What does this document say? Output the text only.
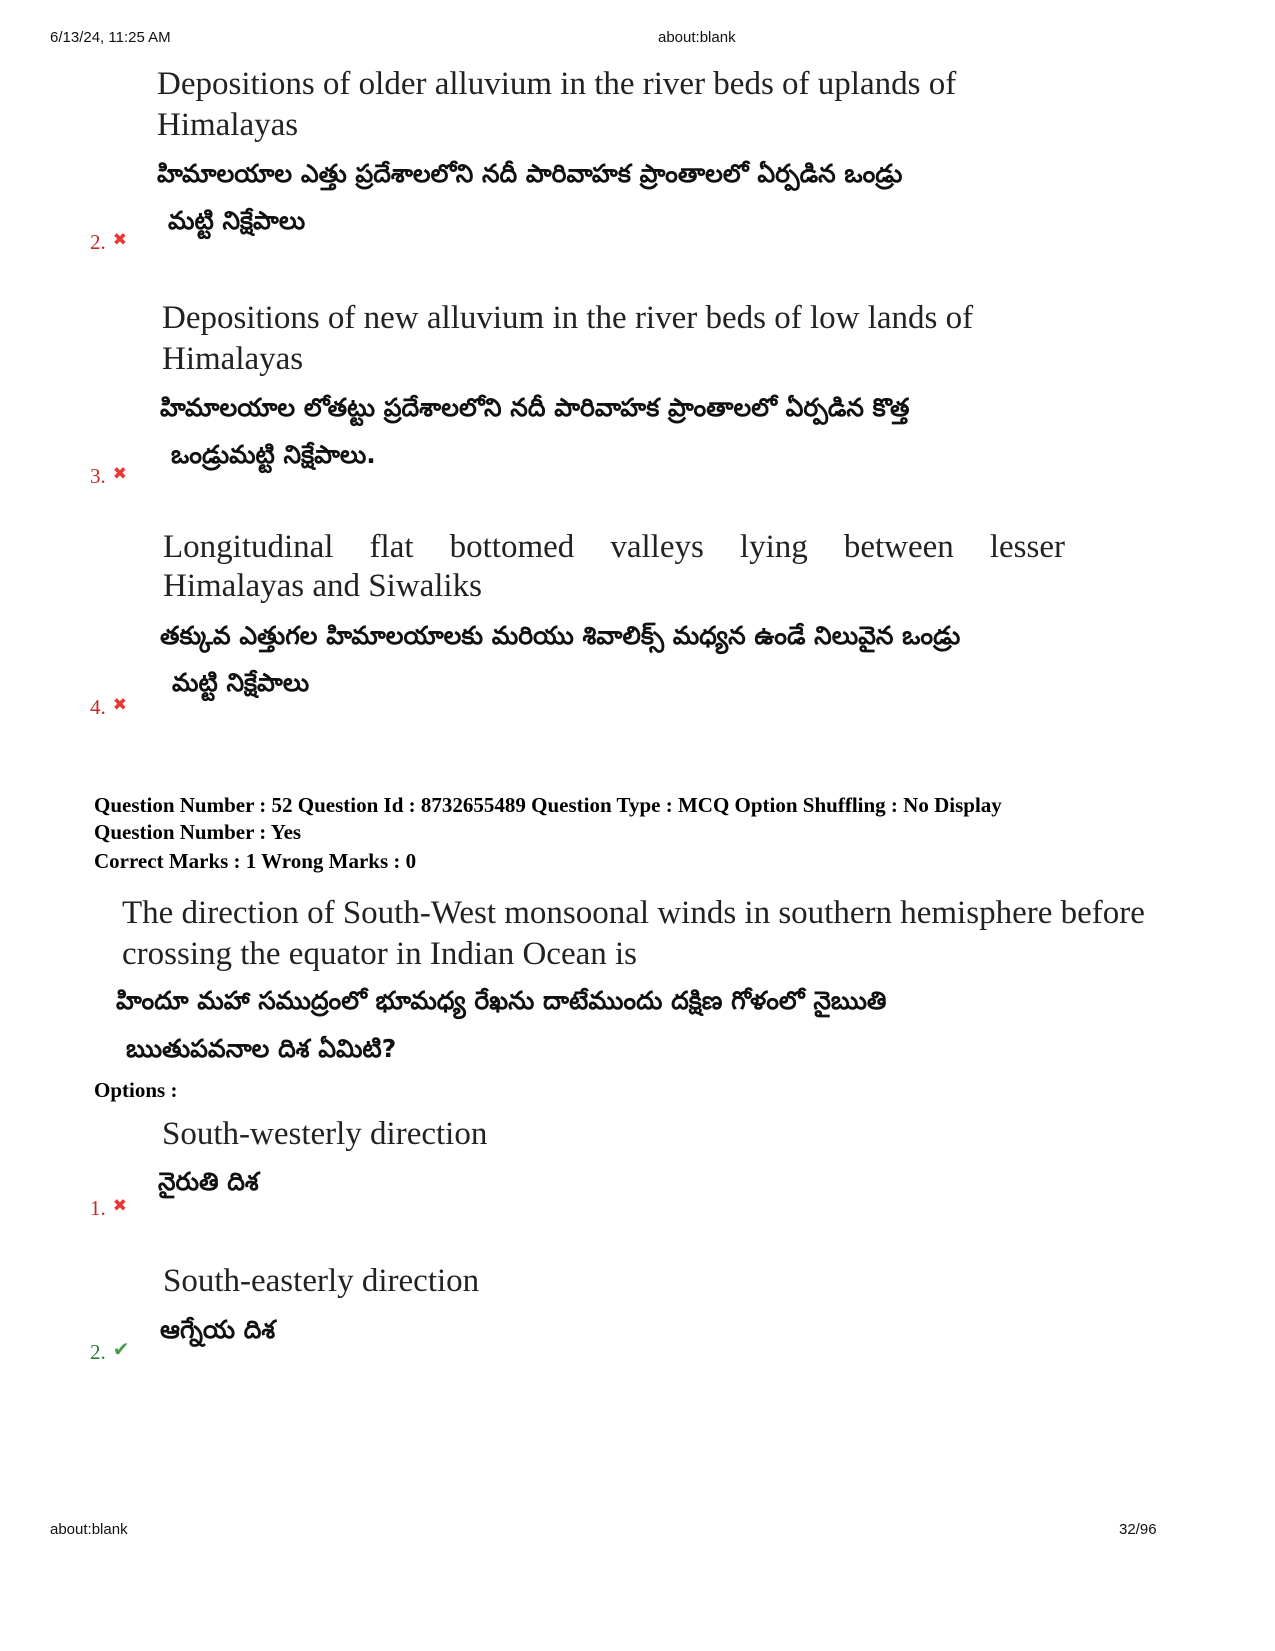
6/13/24, 11:25 AM	about:blank
Depositions of older alluvium in the river beds of uplands of Himalayas
హిమాలయాల ఎత్తు ప్రదేశాలలోని నదీ పారివాహక ప్రాంతాలలో ఏర్పడిన ఒండ్రు
మట్టి నిక్షేపాలు
2. ✖
Depositions of new alluvium in the river beds of low lands of Himalayas
హిమాలయాల లోతట్టు ప్రదేశాలలోని నదీ పారివాహక ప్రాంతాలలో ఏర్పడిన కొత్త
ఒండ్రుమట్టి నిక్షేపాలు.
3. ✖
Longitudinal flat bottomed valleys lying between lesser
Himalayas and Siwaliks
తక్కువ ఎత్తుగల హిమాలయాలకు మరియు శివాలిక్స్ మధ్యన ఉండే నిలువైన ఒండ్రు
మట్టి నిక్షేపాలు
4. ✖
Question Number : 52 Question Id : 8732655489 Question Type : MCQ Option Shuffling : No Display
Question Number : Yes
Correct Marks : 1 Wrong Marks : 0
The direction of South-West monsoonal winds in southern hemisphere before crossing the equator in Indian Ocean is
హిందూ మహా సముద్రంలో భూమధ్య రేఖను దాటేముందు దక్షిణ గోళంలో నైఋతి
ఋతుపవనాల దిశ ఏమిటి?
Options :
South-westerly direction
నైరుతి దిశ
1. ✖
South-easterly direction
ఆగ్నేయ దిశ
2. ✔
about:blank	32/96
